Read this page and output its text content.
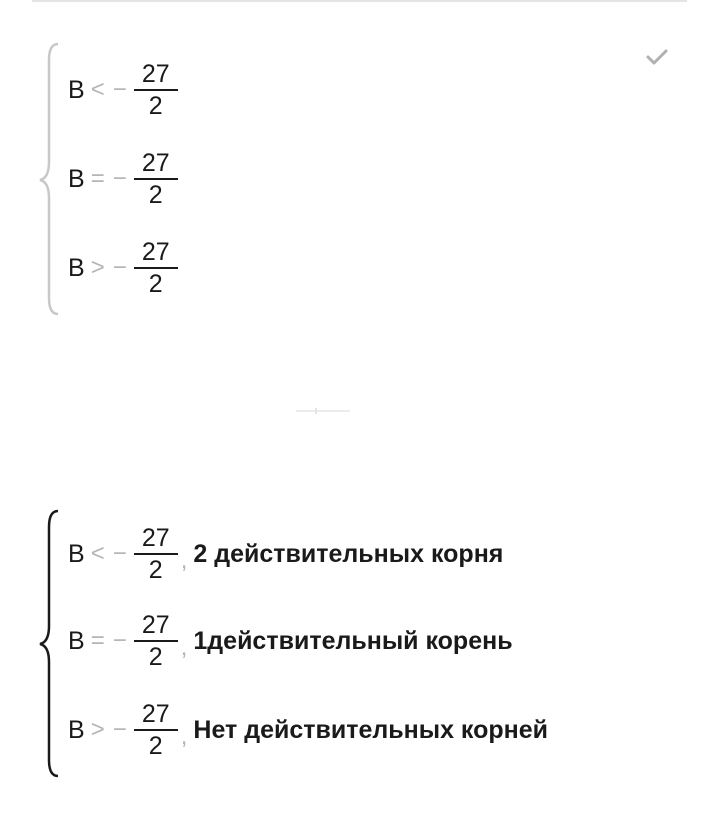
B < − $\frac{27}{2}$
B = − $\frac{27}{2}$
B > − $\frac{27}{2}$
B < − $\frac{27}{2}$ , 2 действительных корня
B = − $\frac{27}{2}$ , 1действительный корень
B > − $\frac{27}{2}$ , Нет действительных корней
